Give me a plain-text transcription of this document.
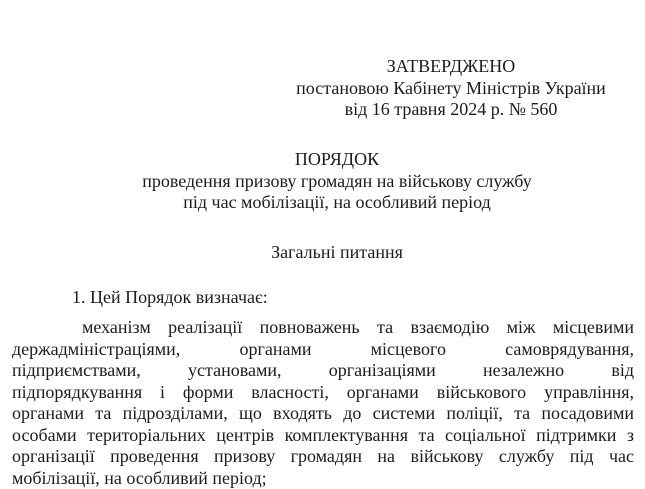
ЗАТВЕРДЖЕНО
постановою Кабінету Міністрів України
від 16 травня 2024 р. № 560
ПОРЯДОК
проведення призову громадян на військову службу
під час мобілізації, на особливий період
Загальні питання
1. Цей Порядок визначає:
механізм реалізації повноважень та взаємодію між місцевими
держадміністраціями, органами місцевого самоврядування,
підприємствами, установами, організаціями незалежно від
підпорядкування і форми власності, органами військового управління,
органами та підрозділами, що входять до системи поліції, та посадовими
особами територіальних центрів комплектування та соціальної підтримки з
організації проведення призову громадян на військову службу під час
мобілізації, на особливий період;
